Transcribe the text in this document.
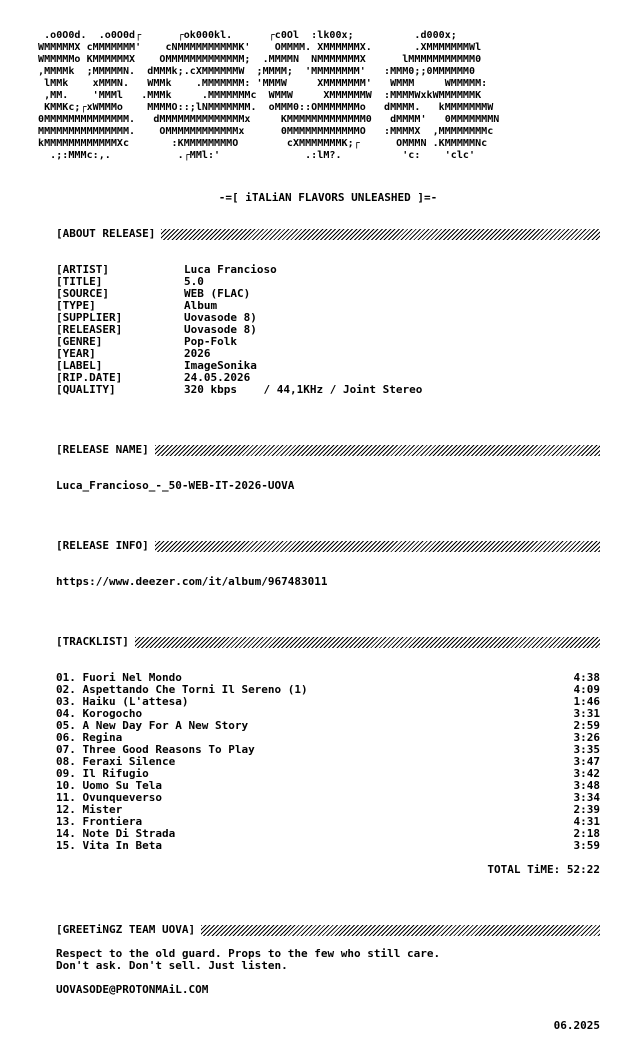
.o0O0d.  .o0O0d┌      ┌ok000kl.      ┌c0Ol  :lk00x;          .d000x;
WMMMMMX cMMMMMMM'    cNMMMMMMMMMMK'    OMMMM. XMMMMMMX.       .XMMMMMMMWl
WMMMMMo KMMMMMMX    OMMMMMMMMMMMMM;  .MMMMN  NMMMMMMMX      lMMMMMMMMMMM0
,MMMMk  ;MMMMMN.  dMMMk;.cXMMMMMMW  ;MMMM;  'MMMMMMMM'   :MMM0;;0MMMMMM0
lMMk    xMMMN.   WMMk    .MMMMMMM: 'MMMW     XMMMMMMM'   WMMM     WMMMMM:
,MM.    'MMMl   .MMMk     .MMMMMMMc  WMMW     XMMMMMMW  :MMMMWxkWMMMMMMK
KMMKc;┌xWMMMo    MMMMO::;lNMMMMMMM.  oMMM0::OMMMMMMMo   dMMMM.   kMMMMMMMW
0MMMMMMMMMMMMMM.   dMMMMMMMMMMMMMMx     KMMMMMMMMMMMMM0   dMMMM'   0MMMMMMMN
MMMMMMMMMMMMMMM.    OMMMMMMMMMMMMx      0MMMMMMMMMMMMO   :MMMMX  ,MMMMMMMMc
kMMMMMMMMMMMMXc       :KMMMMMMMMO        cXMMMMMMMK;┌      OMMMN .KMMMMMNc
.;:MMMc:,.           .┌MMl:'              .:lM?.          'c:    'clc'
-=[ iTALiAN FLAVORS UNLEASHED ]=-
[ABOUT RELEASE]
[ARTIST]	Luca Francioso
[TITLE]	5.0
[SOURCE]	WEB (FLAC)
[TYPE]	Album
[SUPPLIER]	Uovasode 8)
[RELEASER]	Uovasode 8)
[GENRE]	Pop-Folk
[YEAR]	2026
[LABEL]	ImageSonika
[RIP.DATE]	24.05.2026
[QUALITY]	320 kbps    / 44,1KHz / Joint Stereo
[RELEASE NAME]
Luca_Francioso_-_50-WEB-IT-2026-UOVA
[RELEASE INFO]
https://www.deezer.com/it/album/967483011
[TRACKLIST]
01. Fuori Nel Mondo	4:38
02. Aspettando Che Torni Il Sereno (1)	4:09
03. Haiku (L'attesa)	1:46
04. Korogocho	3:31
05. A New Day For A New Story	2:59
06. Regina	3:26
07. Three Good Reasons To Play	3:35
08. Feraxi Silence	3:47
09. Il Rifugio	3:42
10. Uomo Su Tela	3:48
11. Ovunqueverso	3:34
12. Mister	2:39
13. Frontiera	4:31
14. Note Di Strada	2:18
15. Vita In Beta	3:59
TOTAL TiME: 52:22
[GREETiNGZ TEAM UOVA]
Respect to the old guard. Props to the few who still care.
Don't ask. Don't sell. Just listen.
UOVASODE@PROTONMAiL.COM
06.2025
